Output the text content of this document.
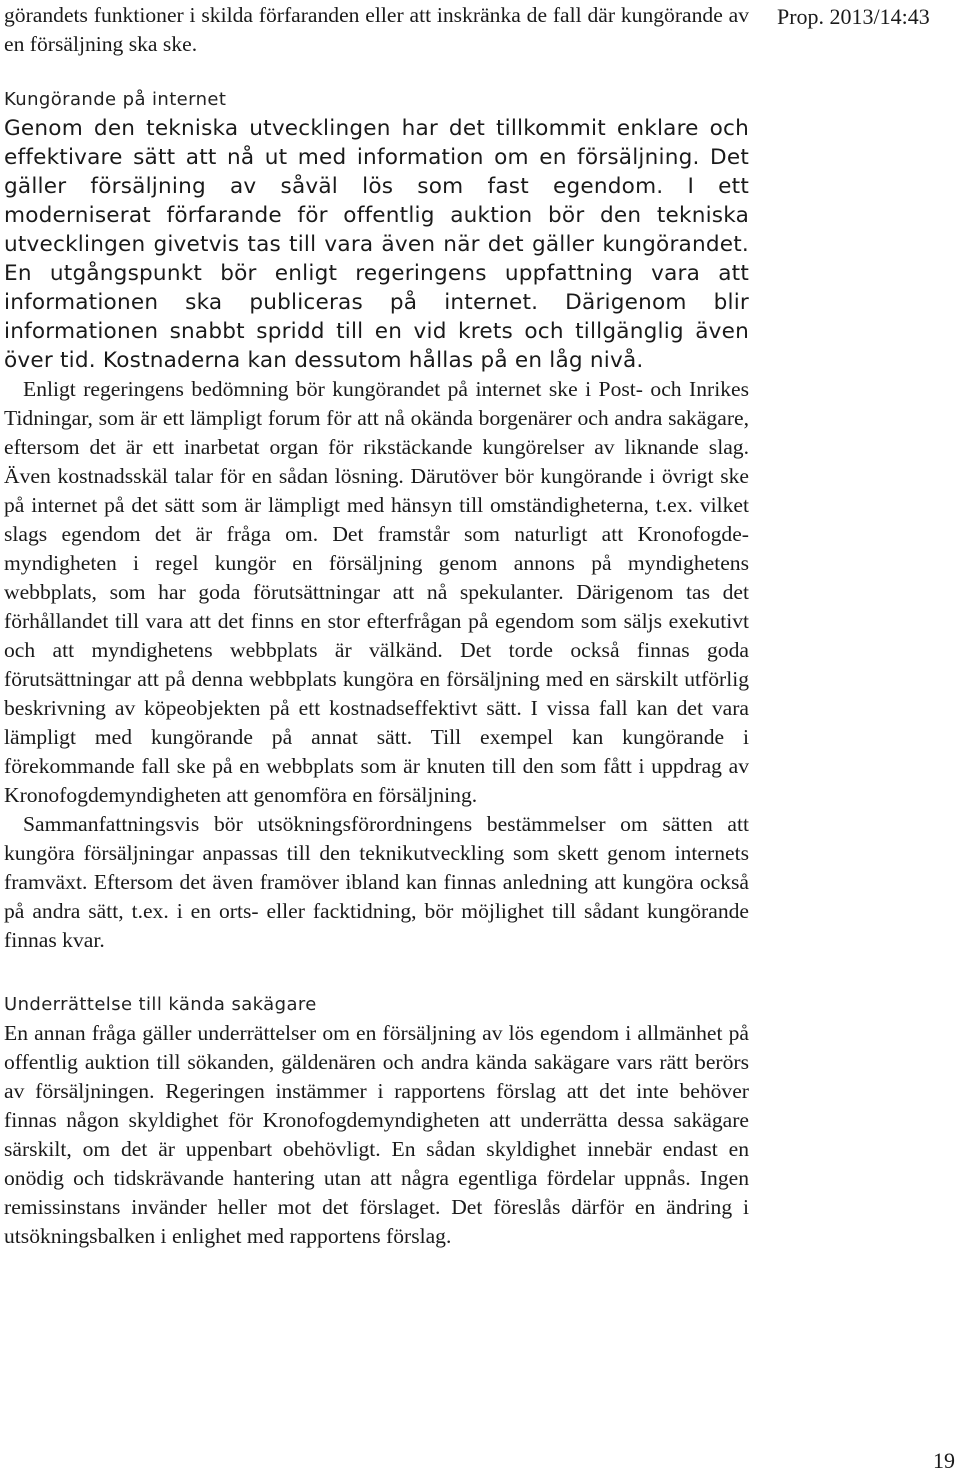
Prop. 2013/14:43

görandets funktioner i skilda förfaranden eller att inskränka de fall där kungörande av en försäljning ska ske.

Kungörande på internet

Genom den tekniska utvecklingen har det tillkommit enklare och effektivare sätt att nå ut med information om en försäljning. Det gäller försäljning av såväl lös som fast egendom. I ett moderniserat förfarande för offentlig auktion bör den tekniska utvecklingen givetvis tas till vara även när det gäller kungörandet. En utgångspunkt bör enligt regeringens uppfattning vara att informationen ska publiceras på internet. Därigenom blir informationen snabbt spridd till en vid krets och tillgänglig även över tid. Kostnaderna kan dessutom hållas på en låg nivå.

Enligt regeringens bedömning bör kungörandet på internet ske i Post- och Inrikes Tidningar, som är ett lämpligt forum för att nå okända borgenärer och andra sakägare, eftersom det är ett inarbetat organ för rikstäckande kungörelser av liknande slag. Även kostnadsskäl talar för en sådan lösning. Därutöver bör kungörande i övrigt ske på internet på det sätt som är lämpligt med hänsyn till omständigheterna, t.ex. vilket slags egendom det är fråga om. Det framstår som naturligt att Kronofogdemyndigheten i regel kungör en försäljning genom annons på myndighetens webbplats, som har goda förutsättningar att nå spekulanter. Därigenom tas det förhållandet till vara att det finns en stor efterfrågan på egendom som säljs exekutivt och att myndighetens webbplats är välkänd. Det torde också finnas goda förutsättningar att på denna webbplats kungöra en försäljning med en särskilt utförlig beskrivning av köpeobjekten på ett kostnadseffektivt sätt. I vissa fall kan det vara lämpligt med kungörande på annat sätt. Till exempel kan kungörande i förekommande fall ske på en webbplats som är knuten till den som fått i uppdrag av Kronofogdemyndigheten att genomföra en försäljning.

Sammanfattningsvis bör utsökningsförordningens bestämmelser om sätten att kungöra försäljningar anpassas till den teknikutveckling som skett genom internets framväxt. Eftersom det även framöver ibland kan finnas anledning att kungöra också på andra sätt, t.ex. i en orts- eller facktidning, bör möjlighet till sådant kungörande finnas kvar.

Underrättelse till kända sakägare

En annan fråga gäller underrättelser om en försäljning av lös egendom i allmänhet på offentlig auktion till sökanden, gäldenären och andra kända sakägare vars rätt berörs av försäljningen. Regeringen instämmer i rapportens förslag att det inte behöver finnas någon skyldighet för Kronofogdemyndigheten att underrätta dessa sakägare särskilt, om det är uppenbart obehövligt. En sådan skyldighet innebär endast en onödig och tidskrävande hantering utan att några egentliga fördelar uppnås. Ingen remissinstans invänder heller mot det förslaget. Det föreslås därför en ändring i utsökningsbalken i enlighet med rapportens förslag.

19
